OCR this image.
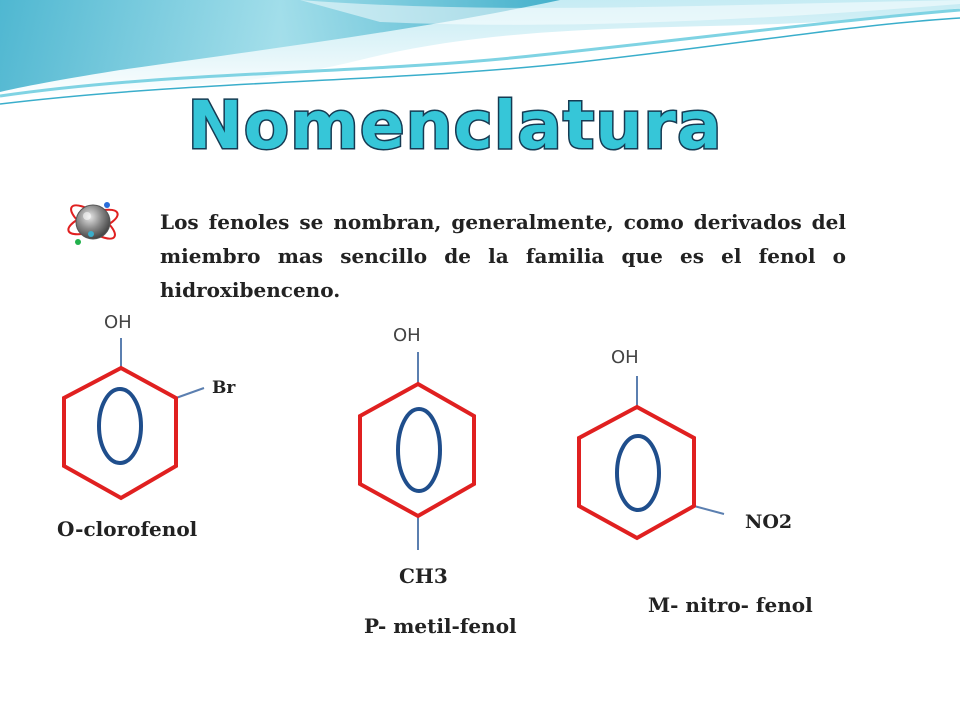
Nomenclatura
OH
Br
O-clorofenol
OH
CH3
P- metil-fenol
OH
NO2
M- nitro- fenol
Los fenoles se nombran, generalmente, como derivados del miembro mas sencillo de la familia que es el fenol o hidroxibenceno.
